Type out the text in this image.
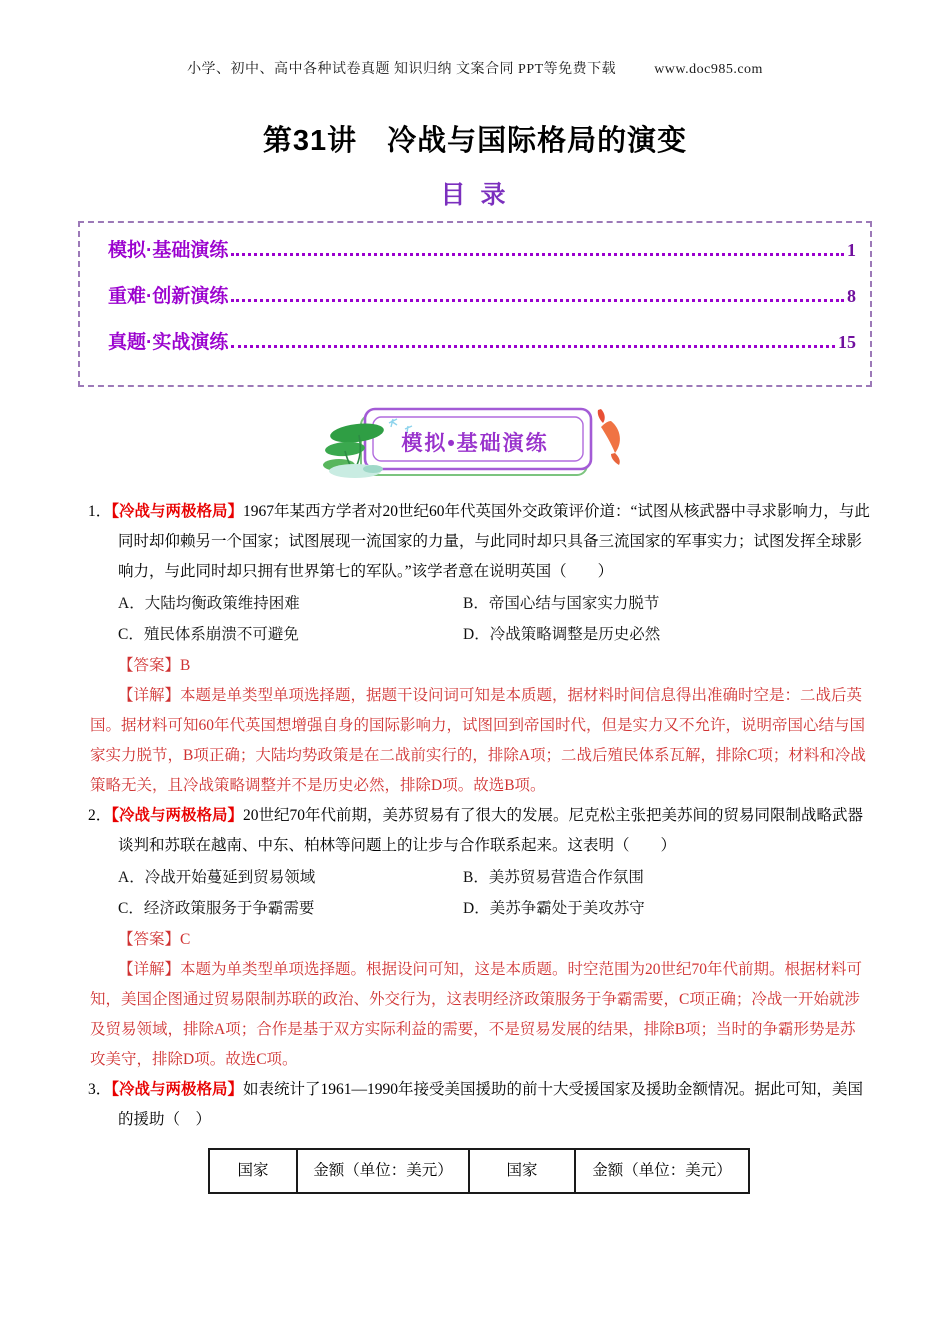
小学、初中、高中各种试卷真题 知识归纳 文案合同 PPT等免费下载	www.doc985.com
第31讲　冷战与国际格局的演变
目 录
模拟·基础演练	1
重难·创新演练	8
真题·实战演练	15
模拟•基础演练

1．【冷战与两极格局】1967年某西方学者对20世纪60年代英国外交政策评价道：“试图从核武器中寻求影响力，与此同时却仰赖另一个国家；试图展现一流国家的力量，与此同时却只具备三流国家的军事实力；试图发挥全球影响力，与此同时却只拥有世界第七的军队。”该学者意在说明英国（　　）

A．大陆均衡政策维持困难	B．帝国心结与国家实力脱节
C．殖民体系崩溃不可避免	D．冷战策略调整是历史必然

【答案】B

【详解】本题是单类型单项选择题，据题干设问词可知是本质题，据材料时间信息得出准确时空是：二战后英国。据材料可知60年代英国想增强自身的国际影响力，试图回到帝国时代，但是实力又不允许，说明帝国心结与国家实力脱节，B项正确；大陆均势政策是在二战前实行的，排除A项；二战后殖民体系瓦解，排除C项；材料和冷战策略无关，且冷战策略调整并不是历史必然，排除D项。故选B项。

2．【冷战与两极格局】20世纪70年代前期，美苏贸易有了很大的发展。尼克松主张把美苏间的贸易同限制战略武器谈判和苏联在越南、中东、柏林等问题上的让步与合作联系起来。这表明（　　）

A．冷战开始蔓延到贸易领域	B．美苏贸易营造合作氛围
C．经济政策服务于争霸需要	D．美苏争霸处于美攻苏守

【答案】C

【详解】本题为单类型单项选择题。根据设问可知，这是本质题。时空范围为20世纪70年代前期。根据材料可知，美国企图通过贸易限制苏联的政治、外交行为，这表明经济政策服务于争霸需要，C项正确；冷战一开始就涉及贸易领域，排除A项；合作是基于双方实际利益的需要，不是贸易发展的结果，排除B项；当时的争霸形势是苏攻美守，排除D项。故选C项。

3．【冷战与两极格局】如表统计了1961—1990年接受美国援助的前十大受援国家及援助金额情况。据此可知，美国的援助（　）

国家	金额（单位：美元）	国家	金额（单位：美元）
